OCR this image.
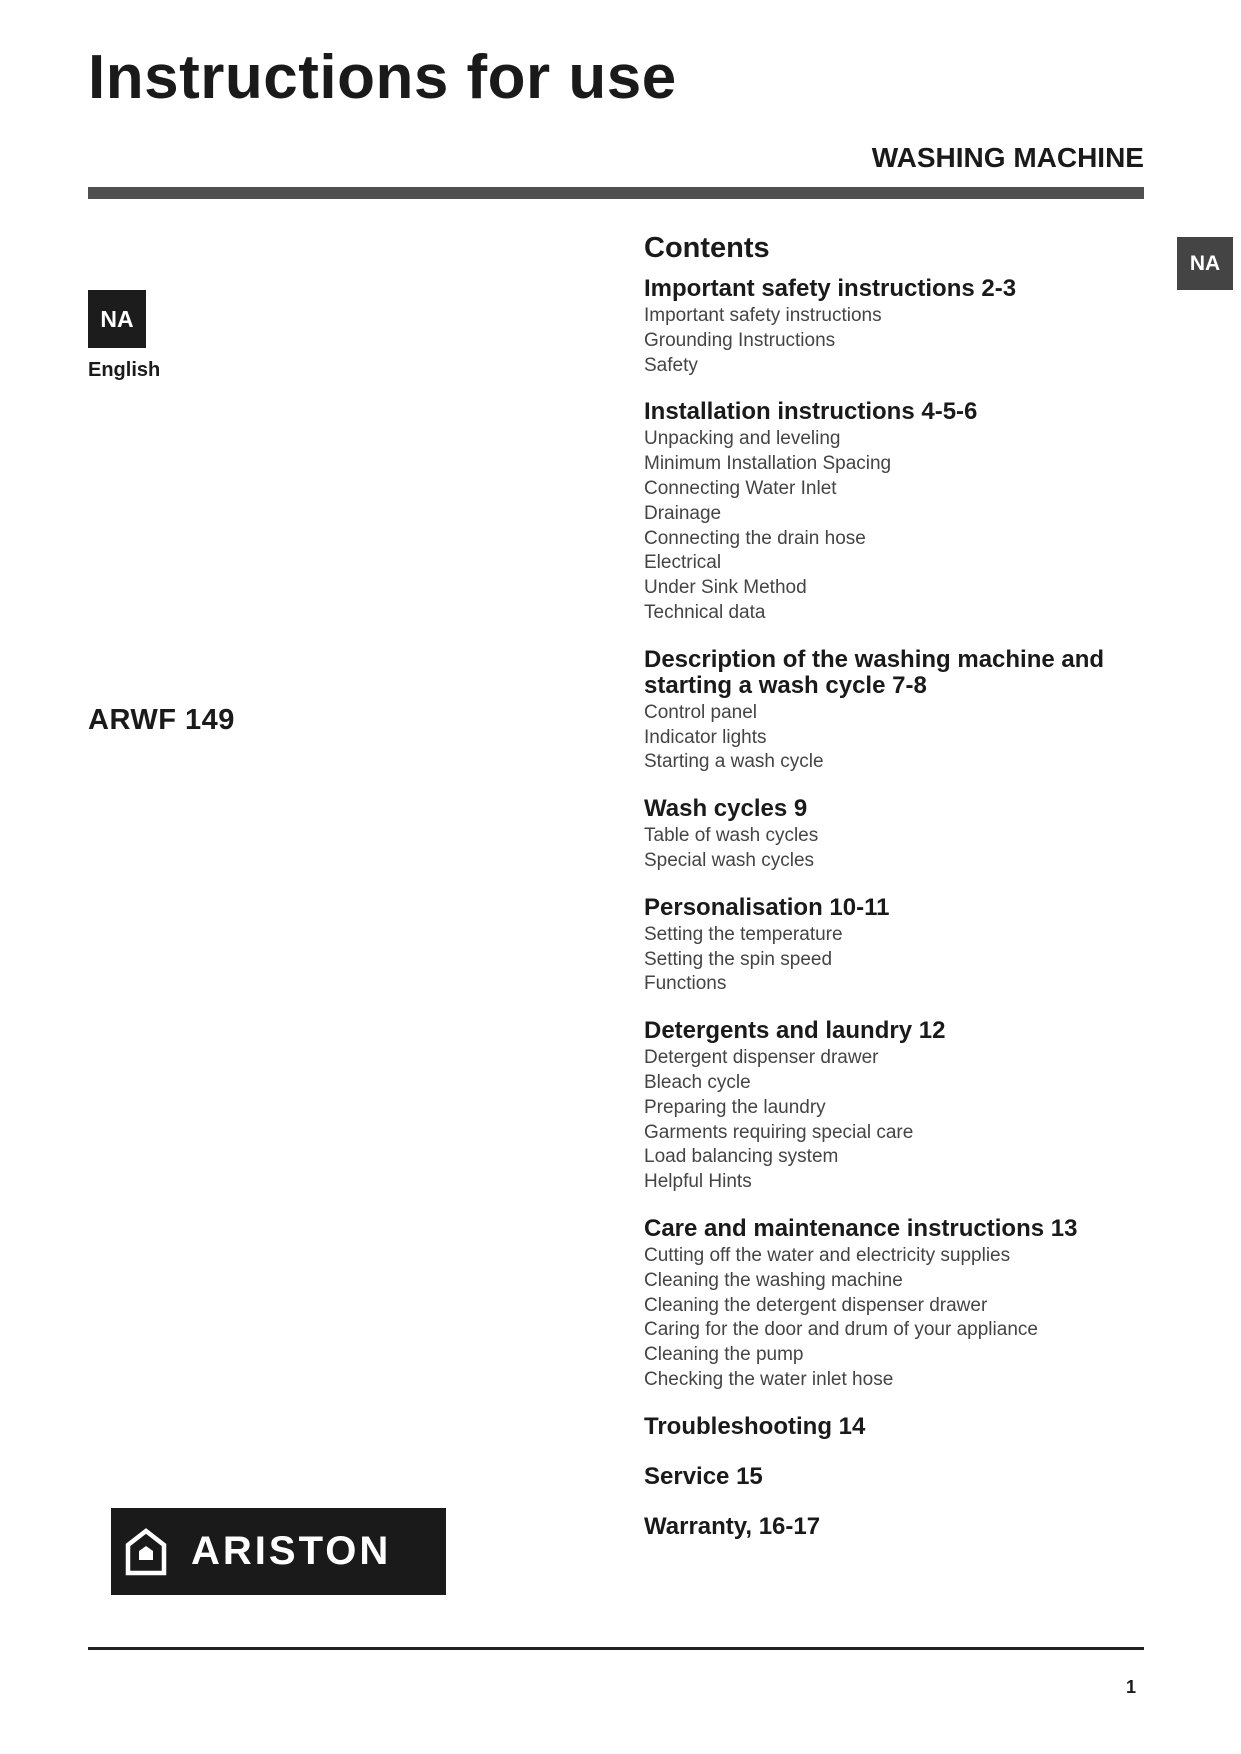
Instructions for use
WASHING MACHINE
NA
NA
English
ARWF 149
ARISTON
Contents
Important safety instructions 2-3
Important safety instructions
Grounding Instructions
Safety
Installation instructions 4-5-6
Unpacking and leveling
Minimum Installation Spacing
Connecting Water Inlet
Drainage
Connecting the drain hose
Electrical
Under Sink Method
Technical data
Description of the washing machine and starting a wash cycle 7-8
Control panel
Indicator lights
Starting a wash cycle
Wash cycles 9
Table of wash cycles
Special wash cycles
Personalisation 10-11
Setting the temperature
Setting the spin speed
Functions
Detergents and laundry 12
Detergent dispenser drawer
Bleach cycle
Preparing the laundry
Garments requiring special care
Load balancing system
Helpful Hints
Care and maintenance instructions 13
Cutting off the water and electricity supplies
Cleaning the washing machine
Cleaning the detergent dispenser drawer
Caring for the door and drum of your appliance
Cleaning the pump
Checking the water inlet hose
Troubleshooting 14
Service 15
Warranty, 16-17
1
